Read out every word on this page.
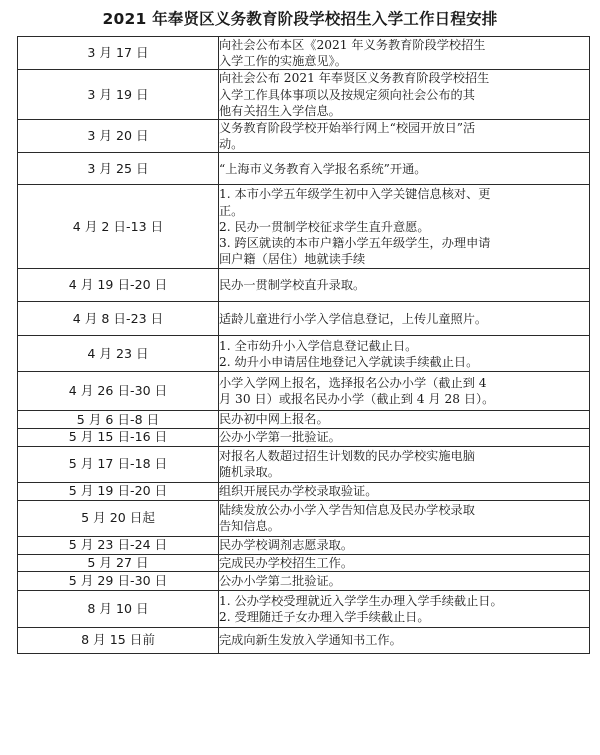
2021 年奉贤区义务教育阶段学校招生入学工作日程安排
3 月 17 日	向社会公布本区《2021 年义务教育阶段学校招生
入学工作的实施意见》。

3 月 19 日	向社会公布 2021 年奉贤区义务教育阶段学校招生
入学工作具体事项以及按规定须向社会公布的其
他有关招生入学信息。

3 月 20 日	义务教育阶段学校开始举行网上“校园开放日”活
动。

3 月 25 日	“上海市义务教育入学报名系统”开通。

4 月 2 日-13 日	1. 本市小学五年级学生初中入学关键信息核对、更
正。
2. 民办一贯制学校征求学生直升意愿。
3. 跨区就读的本市户籍小学五年级学生，办理申请
回户籍（居住）地就读手续

4 月 19 日-20 日	民办一贯制学校直升录取。

4 月 8 日-23 日	适龄儿童进行小学入学信息登记，上传儿童照片。

4 月 23 日	1. 全市幼升小入学信息登记截止日。
2. 幼升小申请居住地登记入学就读手续截止日。

4 月 26 日-30 日	小学入学网上报名，选择报名公办小学（截止到 4
月 30 日）或报名民办小学（截止到 4 月 28 日）。

5 月 6 日-8 日	民办初中网上报名。

5 月 15 日-16 日	公办小学第一批验证。

5 月 17 日-18 日	对报名人数超过招生计划数的民办学校实施电脑
随机录取。

5 月 19 日-20 日	组织开展民办学校录取验证。

5 月 20 日起	陆续发放公办小学入学告知信息及民办学校录取
告知信息。

5 月 23 日-24 日	民办学校调剂志愿录取。

5 月 27 日	完成民办学校招生工作。

5 月 29 日-30 日	公办小学第二批验证。

8 月 10 日	1. 公办学校受理就近入学学生办理入学手续截止日。
2. 受理随迁子女办理入学手续截止日。

8 月 15 日前	完成向新生发放入学通知书工作。
